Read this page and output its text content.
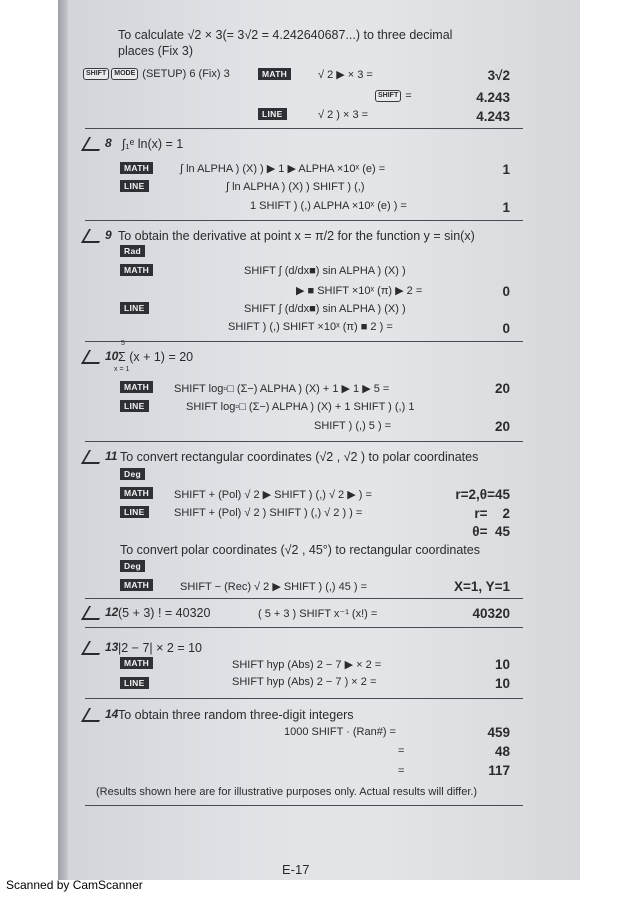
To calculate √2 × 3(= 3√2 = 4.242640687...) to three decimal
places (Fix 3)
SHIFT MODE (SETUP) 6 (Fix) 3	MATH	√ 2 ▶ × 3 =	3√2
SHIFT =	4.243
LINE	√ 2 ) × 3 =	4.243
8 ∫₁ᵉ ln(x) = 1
MATH	∫ ln ALPHA ) (X) ) ▶ 1 ▶ ALPHA ×10ˣ (e) =	1
LINE	∫ ln ALPHA ) (X) ) SHIFT ) (,)
1 SHIFT ) (,) ALPHA ×10ˣ (e) ) =	1
9 To obtain the derivative at point x = π/2 for the function y = sin(x)
Rad
MATH	SHIFT ∫ (d/dx■) sin ALPHA ) (X) )
▶ ■ SHIFT ×10ˣ (π) ▶ 2 =	0
LINE	SHIFT ∫ (d/dx■) sin ALPHA ) (X) )
SHIFT ) (,) SHIFT ×10ˣ (π) ■ 2 ) =	0
10
5
Σ (x + 1) = 20
x = 1
MATH	SHIFT log▫□ (Σ−) ALPHA ) (X) + 1 ▶ 1 ▶ 5 =	20
LINE	SHIFT log▫□ (Σ−) ALPHA ) (X) + 1 SHIFT ) (,) 1
SHIFT ) (,) 5 ) =	20
11 To convert rectangular coordinates (√2 , √2 ) to polar coordinates
Deg
MATH	SHIFT + (Pol) √ 2 ▶ SHIFT ) (,) √ 2 ▶ ) =	r=2,θ=45
LINE	SHIFT + (Pol) √ 2 ) SHIFT ) (,) √ 2 ) ) =	r=    2
θ=  45
To convert polar coordinates (√2 , 45°) to rectangular coordinates
Deg
MATH	SHIFT − (Rec) √ 2 ▶ SHIFT ) (,) 45 ) =	X=1, Y=1
12 (5 + 3) ! = 40320	( 5 + 3 ) SHIFT x⁻¹ (x!) =	40320
13 |2 − 7| × 2 = 10
MATH	SHIFT hyp (Abs) 2 − 7 ▶ × 2 =	10
LINE	SHIFT hyp (Abs) 2 − 7 ) × 2 =	10
14 To obtain three random three-digit integers
1000 SHIFT · (Ran#) =	459
=	48
=	117
(Results shown here are for illustrative purposes only. Actual results will differ.)
E-17
Scanned by CamScanner
